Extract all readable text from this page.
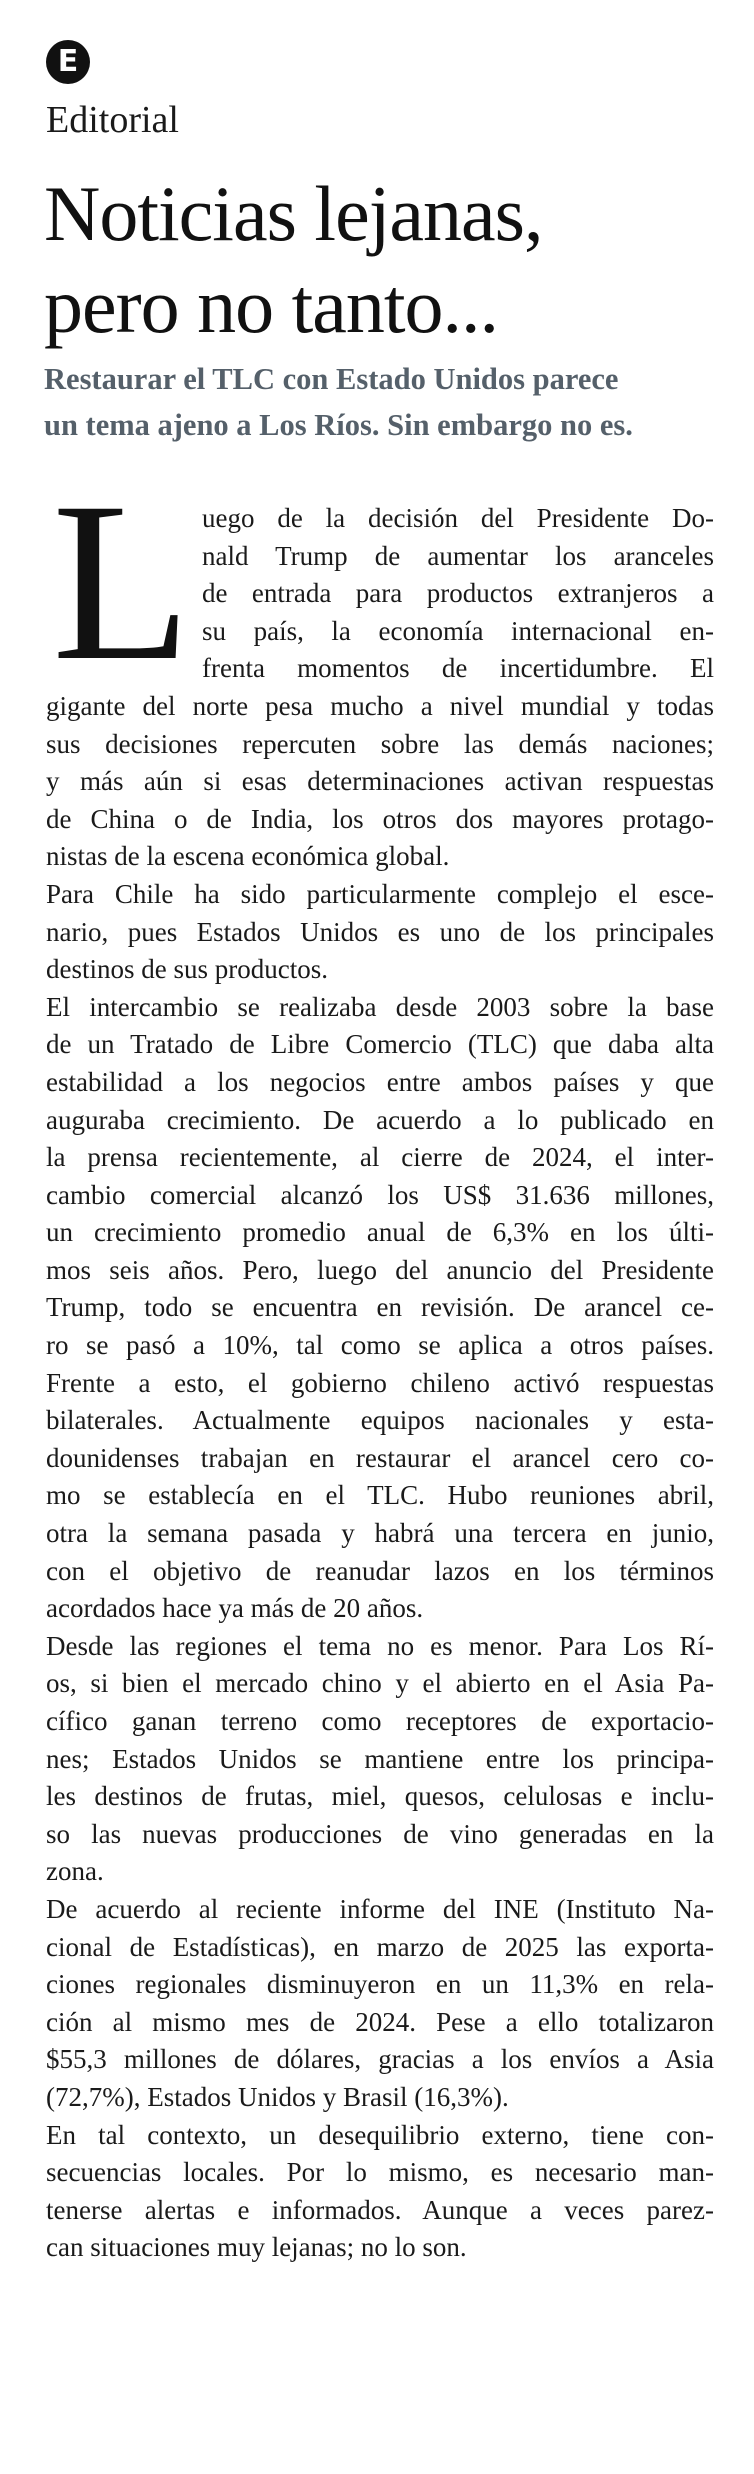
E
Editorial
Noticias lejanas,
pero no tanto...
Restaurar el TLC con Estado Unidos parece
un tema ajeno a Los Ríos. Sin embargo no es.
L uego de la decisión del Presidente Do-
nald Trump de aumentar los aranceles
de entrada para productos extranjeros a
su país, la economía internacional en-
frenta momentos de incertidumbre. El
gigante del norte pesa mucho a nivel mundial y todas
sus decisiones repercuten sobre las demás naciones;
y más aún si esas determinaciones activan respuestas
de China o de India, los otros dos mayores protago-
nistas de la escena económica global.
Para Chile ha sido particularmente complejo el esce-
nario, pues Estados Unidos es uno de los principales
destinos de sus productos.
El intercambio se realizaba desde 2003 sobre la base
de un Tratado de Libre Comercio (TLC) que daba alta
estabilidad a los negocios entre ambos países y que
auguraba crecimiento. De acuerdo a lo publicado en
la prensa recientemente, al cierre de 2024, el inter-
cambio comercial alcanzó los US$ 31.636 millones,
un crecimiento promedio anual de 6,3% en los últi-
mos seis años. Pero, luego del anuncio del Presidente
Trump, todo se encuentra en revisión. De arancel ce-
ro se pasó a 10%, tal como se aplica a otros países.
Frente a esto, el gobierno chileno activó respuestas
bilaterales. Actualmente equipos nacionales y esta-
dounidenses trabajan en restaurar el arancel cero co-
mo se establecía en el TLC. Hubo reuniones abril,
otra la semana pasada y habrá una tercera en junio,
con el objetivo de reanudar lazos en los términos
acordados hace ya más de 20 años.
Desde las regiones el tema no es menor. Para Los Rí-
os, si bien el mercado chino y el abierto en el Asia Pa-
cífico ganan terreno como receptores de exportacio-
nes; Estados Unidos se mantiene entre los principa-
les destinos de frutas, miel, quesos, celulosas e inclu-
so las nuevas producciones de vino generadas en la
zona.
De acuerdo al reciente informe del INE (Instituto Na-
cional de Estadísticas), en marzo de 2025 las exporta-
ciones regionales disminuyeron en un 11,3% en rela-
ción al mismo mes de 2024. Pese a ello totalizaron
$55,3 millones de dólares, gracias a los envíos a Asia
(72,7%), Estados Unidos y Brasil (16,3%).
En tal contexto, un desequilibrio externo, tiene con-
secuencias locales. Por lo mismo, es necesario man-
tenerse alertas e informados. Aunque a veces parez-
can situaciones muy lejanas; no lo son.
